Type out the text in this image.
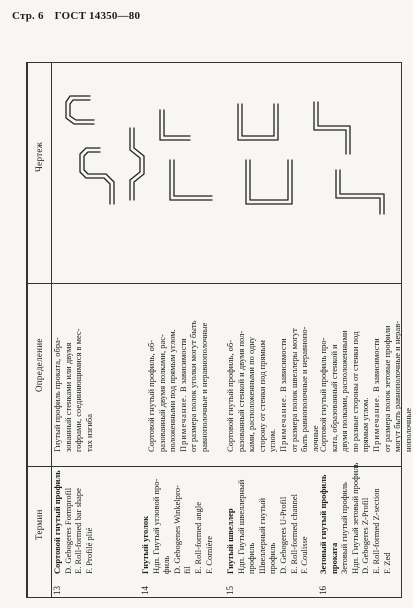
Стр. 6 ГОСТ 14350—80
Термин
Определение
Чертеж
13
Сортовой гнутый профиль
D. Gebogeres Formprofil
E. Roll-formed bar shape
F. Profilé plié
Гнутый профиль проката, обра-
зованный стенками или двумя
гофрами, соединяющимися в мес-
тах изгиба
14
Гнутый уголок
Ндп. Гнутый угловой про-
филь
D. Gebogenes Winkelpro-
fil
E. Roll-formed angle
F. Cornière
Сортовой гнутый профиль, об-
разованный двумя полками, рас-
положенными под прямым углом.
Примечание. В зависимости
от размера полок уголки могут быть
равнополочные и неравнополочные
15
Гнутый швеллер
Ндп. Гнутый швеллерный
профиль
Швеллерный гнутый
профиль
D. Gebogeres U-Profil
E. Roll-formed channel
F. Coulisse
Сортовой гнутый профиль, об-
разованный стенкой и двумя пол-
ками, расположенными по одну
сторону от стенки под прямым
углом.
Примечание. В зависимости
от размера полок швеллеры могут
быть равнополочные и неравнопо-
лочные
16
Зетовый гнутый профиль
проката
Зетовый гнутый профиль
Ндп. Гнутый зетовый профиль
D. Gebogeres Z-Profil
E. Roll-formed Z-section
F. Zed
Сортовой гнутый профиль про-
ката, образованный стенкой и
двумя полками, расположенными
по разные стороны от стенки под
прямым углом.
Примечание. В зависимости
от размера полок зетовые профили
могут быть равнополочные и нерав-
нополочные
